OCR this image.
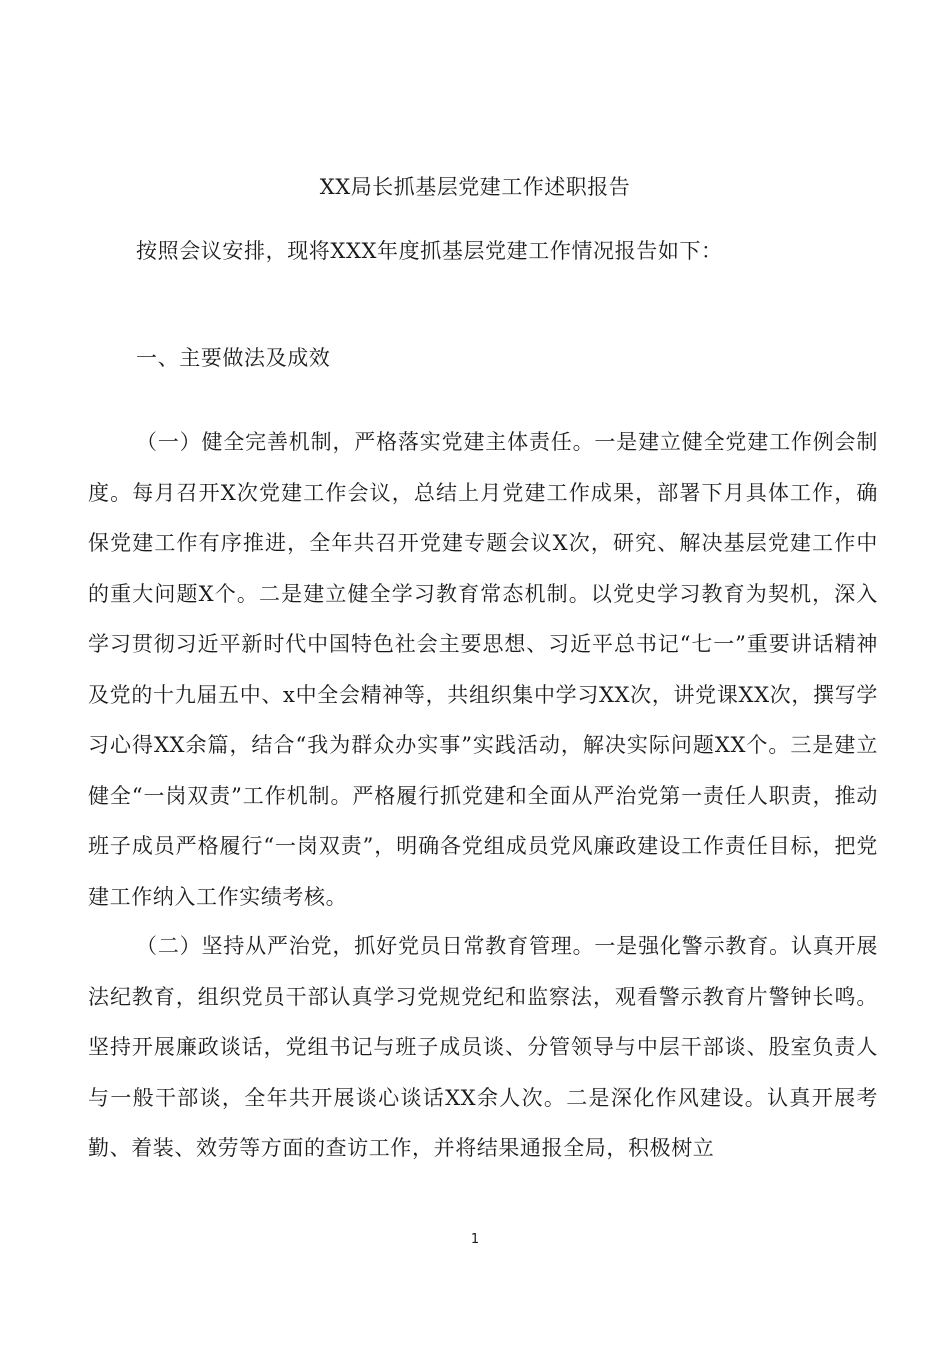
XX局长抓基层党建工作述职报告

按照会议安排，现将XXX年度抓基层党建工作情况报告如下：

一、主要做法及成效

（一）健全完善机制，严格落实党建主体责任。一是建立健全党建工作例会制度。每月召开X次党建工作会议，总结上月党建工作成果，部署下月具体工作，确保党建工作有序推进，全年共召开党建专题会议X次，研究、解决基层党建工作中的重大问题X个。二是建立健全学习教育常态机制。以党史学习教育为契机，深入学习贯彻习近平新时代中国特色社会主要思想、习近平总书记“七一”重要讲话精神及党的十九届五中、x中全会精神等，共组织集中学习XX次，讲党课XX次，撰写学习心得XX余篇，结合“我为群众办实事”实践活动，解决实际问题XX个。三是建立健全“一岗双责”工作机制。严格履行抓党建和全面从严治党第一责任人职责，推动班子成员严格履行“一岗双责”，明确各党组成员党风廉政建设工作责任目标，把党建工作纳入工作实绩考核。

（二）坚持从严治党，抓好党员日常教育管理。一是强化警示教育。认真开展法纪教育，组织党员干部认真学习党规党纪和监察法，观看警示教育片警钟长鸣。坚持开展廉政谈话，党组书记与班子成员谈、分管领导与中层干部谈、股室负责人与一般干部谈，全年共开展谈心谈话XX余人次。二是深化作风建设。认真开展考勤、着装、效劳等方面的查访工作，并将结果通报全局，积极树立

1
